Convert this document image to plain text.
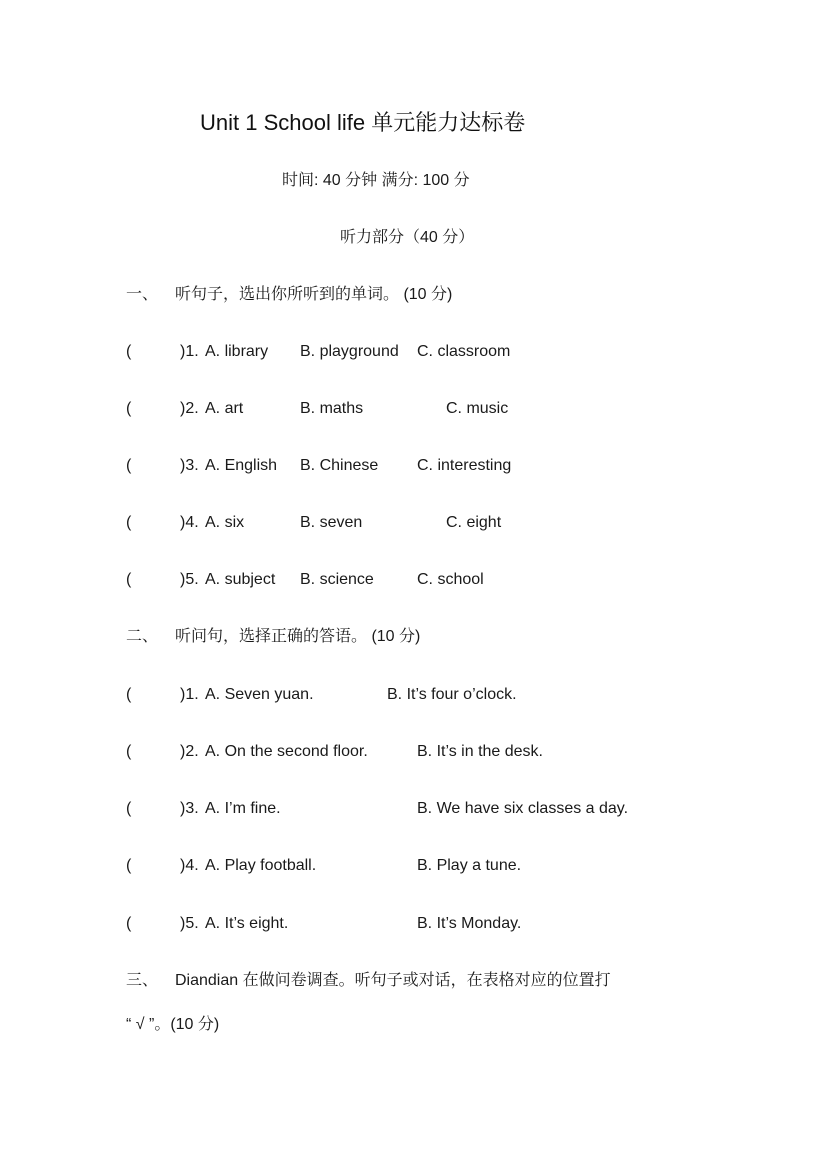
Unit 1 School life 单元能力达标卷
时间: 40 分钟 满分: 100 分
听力部分（40 分）
一、 听句子，选出你所听到的单词。 (10 分)
(	)1. A. library B. playground C. classroom
(	)2. A. art	B. maths	C. music
(	)3. A. English B. Chinese C. interesting
(	)4. A. six	B. seven	C. eight
(	)5. A. subject B. science	C. school
二、 听问句，选择正确的答语。 (10 分)
(	)1. A. Seven yuan.	B. It’s four o’clock.
(	)2. A. On the second floor.	B. It’s in the desk.
(	)3. A. I’m fine.	B. We have six classes a day.
(	)4. A. Play football.	B. Play a tune.
(	)5. A. It’s eight.	B. It’s Monday.
三、 Diandian 在做问卷调查。听句子或对话，在表格对应的位置打
“ √ ”。(10 分)
